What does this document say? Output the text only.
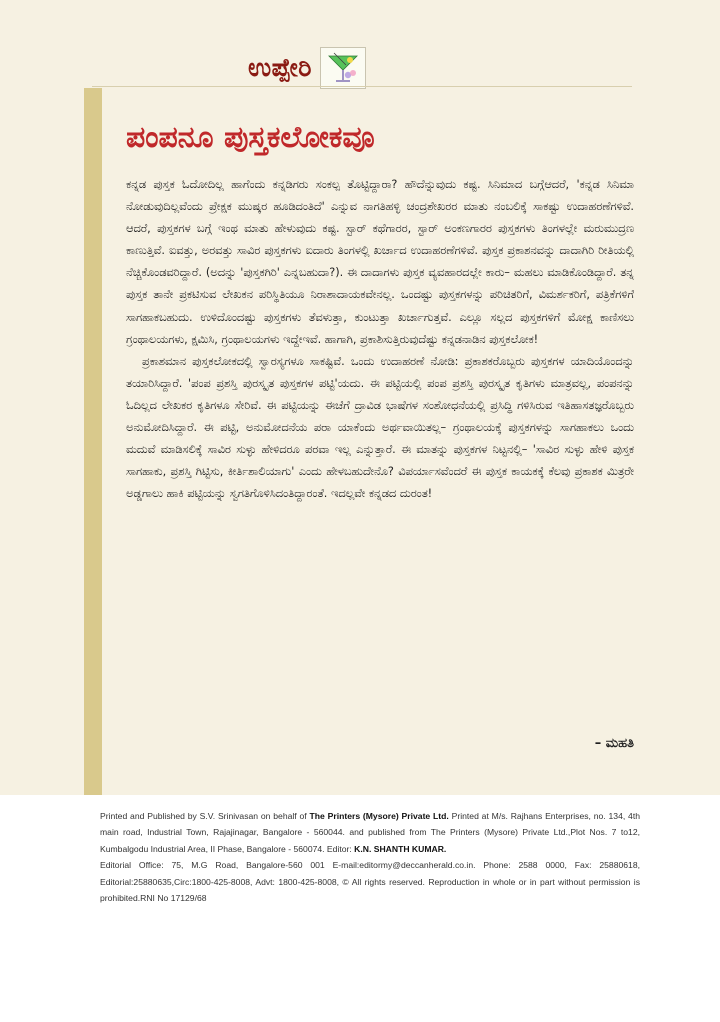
ಉಪ್ಪೇರಿ
ಪಂಪನೂ ಪುಸ್ತಕಲೋಕವೂ

ಕನ್ನಡ ಪುಸ್ತಕ ಓದೋದಿಲ್ಲ ಹಾಗೆಂದು ಕನ್ನಡಿಗರು ಸಂಕಲ್ಪ ತೊಟ್ಟಿದ್ದಾರಾ? ಹೌದೆನ್ನುವುದು ಕಷ್ಟ. ಸಿನಿಮಾದ ಬಗ್ಗೆಆದರೆ, 'ಕನ್ನಡ ಸಿನಿಮಾ ನೋಡುವುದಿಲ್ಲವೆಂದು ಪ್ರೇಕ್ಷಕ ಮುಷ್ಕರ ಹೂಡಿದಂತಿದೆ' ಎನ್ನುವ ನಾಗತಿಹಳ್ಳಿ ಚಂದ್ರಶೇಖರರ ಮಾತು ನಂಬಲಿಕ್ಕೆ ಸಾಕಷ್ಟು ಉದಾಹರಣೆಗಳಿವೆ. ಆದರೆ, ಪುಸ್ತಕಗಳ ಬಗ್ಗೆ ಇಂಥ ಮಾತು ಹೇಳುವುದು ಕಷ್ಟ. ಸ್ಟಾರ್ ಕಥೆಗಾರರ, ಸ್ಟಾರ್ ಅಂಕಣಗಾರರ ಪುಸ್ತಕಗಳು ತಿಂಗಳಲ್ಲೇ ಮರುಮುದ್ರಣ ಕಾಣುತ್ತಿವೆ. ಐವತ್ತು, ಅರವತ್ತು ಸಾವಿರ ಪುಸ್ತಕಗಳು ಐದಾರು ತಿಂಗಳಲ್ಲಿ ಖರ್ಚಾದ ಉದಾಹರಣೆಗಳಿವೆ. ಪುಸ್ತಕ ಪ್ರಕಾಶನವನ್ನು ದಾದಾಗಿರಿ ರೀತಿಯಲ್ಲಿ ನೆಚ್ಚಿಕೊಂಡವರಿದ್ದಾರೆ. (ಅದನ್ನು 'ಪುಸ್ತಕಗಿರಿ' ಎನ್ನಬಹುದಾ?). ಈ ದಾದಾಗಳು ಪುಸ್ತಕ ವ್ಯವಹಾರದಲ್ಲೇ ಕಾರು– ಮಹಲು ಮಾಡಿಕೊಂಡಿದ್ದಾರೆ. ತನ್ನ ಪುಸ್ತಕ ತಾನೇ ಪ್ರಕಟಿಸುವ ಲೇಖಕನ ಪರಿಸ್ಥಿತಿಯೂ ನಿರಾಶಾದಾಯಕವೇನಲ್ಲ. ಒಂದಷ್ಟು ಪುಸ್ತಕಗಳನ್ನು ಪರಿಚಿತರಿಗೆ, ವಿಮರ್ಶಕರಿಗೆ, ಪತ್ರಿಕೆಗಳಿಗೆ ಸಾಗಹಾಕಬಹುದು. ಉಳಿದೊಂದಷ್ಟು ಪುಸ್ತಕಗಳು ತೆವಳುತ್ತಾ, ಕುಂಟುತ್ತಾ ಖರ್ಚಾಗುತ್ತವೆ. ಎಲ್ಲೂ ಸಲ್ಲದ ಪುಸ್ತಕಗಳಿಗೆ ಮೋಕ್ಷ ಕಾಣಿಸಲು ಗ್ರಂಥಾಲಯಗಳು, ಕ್ಷಮಿಸಿ, ಗ್ರಂಥಾಲಯಗಳು ಇದ್ದೇಇವೆ. ಹಾಗಾಗಿ, ಪ್ರಕಾಶಿಸುತ್ತಿರುವುದೆಷ್ಟು ಕನ್ನಡನಾಡಿನ ಪುಸ್ತಕಲೋಕ!

ಪ್ರಕಾಶಮಾನ ಪುಸ್ತಕಲೋಕದಲ್ಲಿ ಸ್ವಾರಸ್ಯಗಳೂ ಸಾಕಷ್ಟಿವೆ. ಒಂದು ಉದಾಹರಣೆ ನೋಡಿ: ಪ್ರಕಾಶಕರೊಬ್ಬರು ಪುಸ್ತಕಗಳ ಯಾದಿಯೊಂದನ್ನು ತಯಾರಿಸಿದ್ದಾರೆ. 'ಪಂಪ ಪ್ರಶಸ್ತಿ ಪುರಸ್ಕೃತ ಪುಸ್ತಕಗಳ ಪಟ್ಟಿ'ಯದು. ಈ ಪಟ್ಟಿಯಲ್ಲಿ ಪಂಪ ಪ್ರಶಸ್ತಿ ಪುರಸ್ಕೃತ ಕೃತಿಗಳು ಮಾತ್ರವಲ್ಲ, ಪಂಪನನ್ನು ಓದಿಲ್ಲದ ಲೇಖಕರ ಕೃತಿಗಳೂ ಸೇರಿವೆ. ಈ ಪಟ್ಟಿಯನ್ನು ಈಚೆಗೆ ದ್ರಾವಿಡ ಭಾಷೆಗಳ ಸಂಶೋಧನೆಯಲ್ಲಿ ಪ್ರಸಿದ್ಧಿ ಗಳಿಸಿರುವ ಇತಿಹಾಸತಜ್ಞರೊಬ್ಬರು ಅನುಮೋದಿಸಿದ್ದಾರೆ. ಈ ಪಟ್ಟಿ, ಅನುಮೋದನೆಯ ಪರಾ ಯಾಕೆಂದು ಅರ್ಥವಾಯಿತಲ್ಲ– ಗ್ರಂಥಾಲಯಕ್ಕೆ ಪುಸ್ತಕಗಳನ್ನು ಸಾಗಹಾಕಲು ಒಂದು ಮದುವೆ ಮಾಡಿಸಲಿಕ್ಕೆ ಸಾವಿರ ಸುಳ್ಳು ಹೇಳಿದರೂ ಪರವಾ ಇಲ್ಲ ಎನ್ನುತ್ತಾರೆ. ಈ ಮಾತನ್ನು ಪುಸ್ತಕಗಳ ನಿಟ್ಟನಲ್ಲಿ– 'ಸಾವಿರ ಸುಳ್ಳು ಹೇಳಿ ಪುಸ್ತಕ ಸಾಗಹಾಕು, ಪ್ರಶಸ್ತಿ ಗಿಟ್ಟಿಸು, ಕೀರ್ತಿಶಾಲಿಯಾಗು' ಎಂದು ಹೇಳಬಹುದೇನೊ? ವಿಪರ್ಯಾಸವೆಂದರೆ ಈ ಪುಸ್ತಕ ಕಾಯಕಕ್ಕೆ ಕೆಲವು ಪ್ರಕಾಶಕ ಮಿತ್ರರೇ ಅಡ್ಡಗಾಲು ಹಾಕಿ ಪಟ್ಟಿಯನ್ನು ಸ್ವಗತಿಗೊಳಿಸಿದಂತಿದ್ದಾರಂತೆ. ಇದಲ್ಲವೇ ಕನ್ನಡದ ದುರಂತ!

– ಮಹತಿ

Printed and Published by S.V. Srinivasan on behalf of The Printers (Mysore) Private Ltd. Printed at M/s. Rajhans Enterprises, no. 134, 4th main road, Industrial Town, Rajajinagar, Bangalore - 560044. and published from The Printers (Mysore) Private Ltd.,Plot Nos. 7 to12, Kumbalgodu Industrial Area, II Phase, Bangalore - 560074. Editor: K.N. SHANTH KUMAR.

Editorial Office: 75, M.G Road, Bangalore-560 001 E-mail:editormy@deccanherald.co.in. Phone: 2588 0000, Fax: 25880618, Editorial:25880635,Circ:1800-425-8008, Advt: 1800-425-8008, © All rights reserved. Reproduction in whole or in part without permission is prohibited.RNI No 17129/68
